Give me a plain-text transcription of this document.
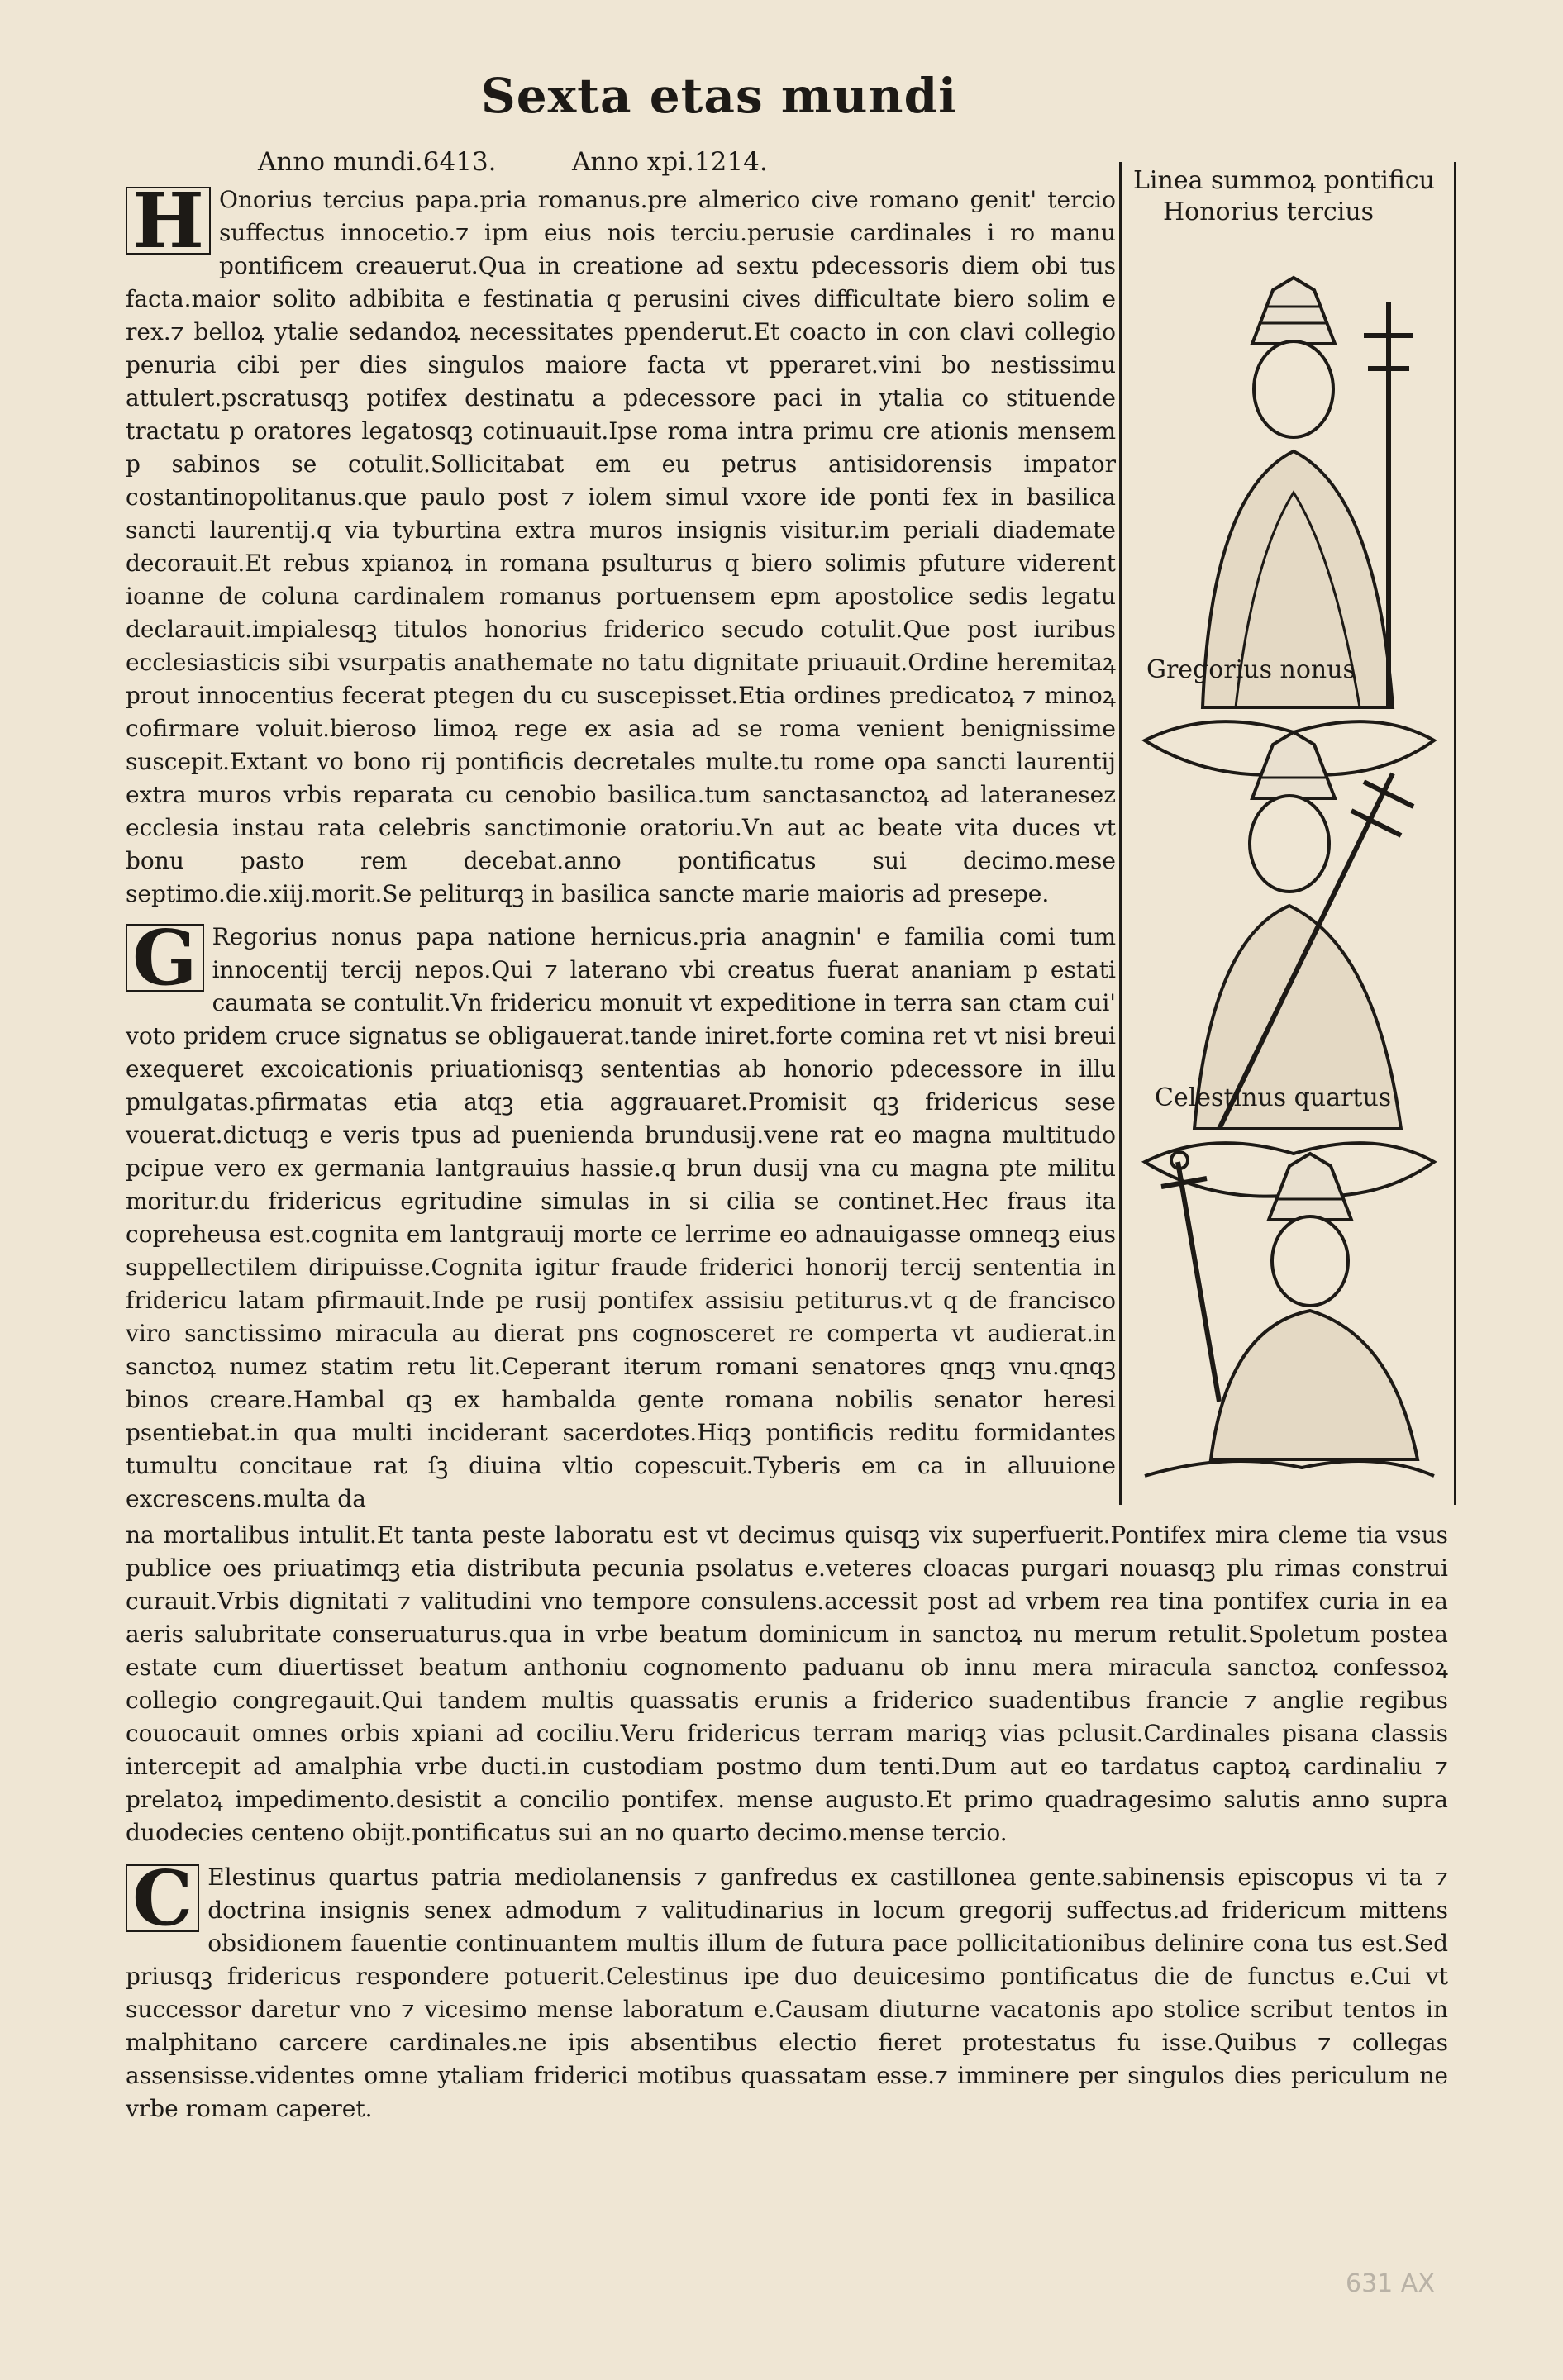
Sexta etas mundi
Anno mundi.6413.	Anno xpi.1214.

H Onorius tercius papa.pria romanus.pre almerico cive romano genit' tercio suffectus innocetio.⁊ ipm eius nois terciu.perusie cardinales i ro manu pontificem creauerut.Qua in creatione ad sextu pdecessoris diem obi tus facta.maior solito adbibita e festinatia q perusini cives difficultate biero solim e rex.⁊ belloꝝ ytalie sedandoꝝ necessitates ppenderut.Et coacto in con clavi collegio penuria cibi per dies singulos maiore facta vt pperaret.vini bo nestissimu attulert.pscratusqꝫ potifex destinatu a pdecessore paci in ytalia co stituende tractatu p oratores legatosqꝫ cotinuauit.Ipse roma intra primu cre ationis mensem p sabinos se cotulit.Sollicitabat em eu petrus antisidorensis impator costantinopolitanus.que paulo post ⁊ iolem simul vxore ide ponti fex in basilica sancti laurentij.q via tyburtina extra muros insignis visitur.im periali diademate decorauit.Et rebus xpianoꝝ in romana psulturus q biero solimis pfuture viderent ioanne de coluna cardinalem romanus portuensem epm apostolice sedis legatu declarauit.impialesqꝫ titulos honorius friderico secudo cotulit.Que post iuribus ecclesiasticis sibi vsurpatis anathemate no tatu dignitate priuauit.Ordine heremitaꝝ prout innocentius fecerat ptegen du cu suscepisset.Etia ordines predicatoꝝ ⁊ minoꝝ cofirmare voluit.bieroso limoꝝ rege ex asia ad se roma venient benignissime suscepit.Extant vo bono rij pontificis decretales multe.tu rome opa sancti laurentij extra muros vrbis reparata cu cenobio basilica.tum sanctasanctoꝝ ad lateranesez ecclesia instau rata celebris sanctimonie oratoriu.Vn aut ac beate vita duces vt bonu pasto rem decebat.anno pontificatus sui decimo.mese septimo.die.xiij.morit.Se peliturqꝫ in basilica sancte marie maioris ad presepe.

G Regorius nonus papa natione hernicus.pria anagnin' e familia comi tum innocentij tercij nepos.Qui ⁊ laterano vbi creatus fuerat ananiam p estati caumata se contulit.Vn fridericu monuit vt expeditione in terra san ctam cui' voto pridem cruce signatus se obligauerat.tande iniret.forte comina ret vt nisi breui exequeret excoicationis priuationisqꝫ sententias ab honorio pdecessore in illu pmulgatas.pfirmatas etia atqꝫ etia aggrauaret.Promisit qꝫ fridericus sese vouerat.dictuqꝫ e veris tpus ad puenienda brundusij.vene rat eo magna multitudo pcipue vero ex germania lantgrauius hassie.q brun dusij vna cu magna pte militu moritur.du fridericus egritudine simulas in si cilia se continet.Hec fraus ita copreheusa est.cognita em lantgrauij morte ce lerrime eo adnauigasse omneqꝫ eius suppellectilem diripuisse.Cognita igitur fraude friderici honorij tercij sententia in fridericu latam pfirmauit.Inde pe rusij pontifex assisiu petiturus.vt q de francisco viro sanctissimo miracula au dierat pns cognosceret re comperta vt audierat.in sanctoꝝ numez statim retu lit.Ceperant iterum romani senatores qnqꝫ vnu.qnqꝫ binos creare.Hambal qꝫ ex hambalda gente romana nobilis senator heresi psentiebat.in qua multi inciderant sacerdotes.Hiqꝫ pontificis reditu formidantes tumultu concitaue rat ſꝫ diuina vltio copescuit.Tyberis em ca in alluuione excrescens.multa da

Linea summoꝝ pontificu
Honorius tercius
Gregorius nonus
Celestinus quartus

na mortalibus intulit.Et tanta peste laboratu est vt decimus quisqꝫ vix superfuerit.Pontifex mira cleme tia vsus publice oes priuatimqꝫ etia distributa pecunia psolatus e.veteres cloacas purgari nouasqꝫ plu rimas construi curauit.Vrbis dignitati ⁊ valitudini vno tempore consulens.accessit post ad vrbem rea tina pontifex curia in ea aeris salubritate conseruaturus.qua in vrbe beatum dominicum in sanctoꝝ nu merum retulit.Spoletum postea estate cum diuertisset beatum anthoniu cognomento paduanu ob innu mera miracula sanctoꝝ confessoꝝ collegio congregauit.Qui tandem multis quassatis erunis a friderico suadentibus francie ⁊ anglie regibus couocauit omnes orbis xpiani ad cociliu.Veru fridericus terram mariqꝫ vias pclusit.Cardinales pisana classis intercepit ad amalphia vrbe ducti.in custodiam postmo dum tenti.Dum aut eo tardatus captoꝝ cardinaliu ⁊ prelatoꝝ impedimento.desistit a concilio pontifex. mense augusto.Et primo quadragesimo salutis anno supra duodecies centeno obijt.pontificatus sui an no quarto decimo.mense tercio.

C Elestinus quartus patria mediolanensis ⁊ ganfredus ex castillonea gente.sabinensis episcopus vi ta ⁊ doctrina insignis senex admodum ⁊ valitudinarius in locum gregorij suffectus.ad fridericum mittens obsidionem fauentie continuantem multis illum de futura pace pollicitationibus delinire cona tus est.Sed priusqꝫ fridericus respondere potuerit.Celestinus ipe duo deuicesimo pontificatus die de functus e.Cui vt successor daretur vno ⁊ vicesimo mense laboratum e.Causam diuturne vacatonis apo stolice scribut tentos in malphitano carcere cardinales.ne ipis absentibus electio fieret protestatus fu isse.Quibus ⁊ collegas assensisse.videntes omne ytaliam friderici motibus quassatam esse.⁊ imminere per singulos dies periculum ne vrbe romam caperet.

631 AX
